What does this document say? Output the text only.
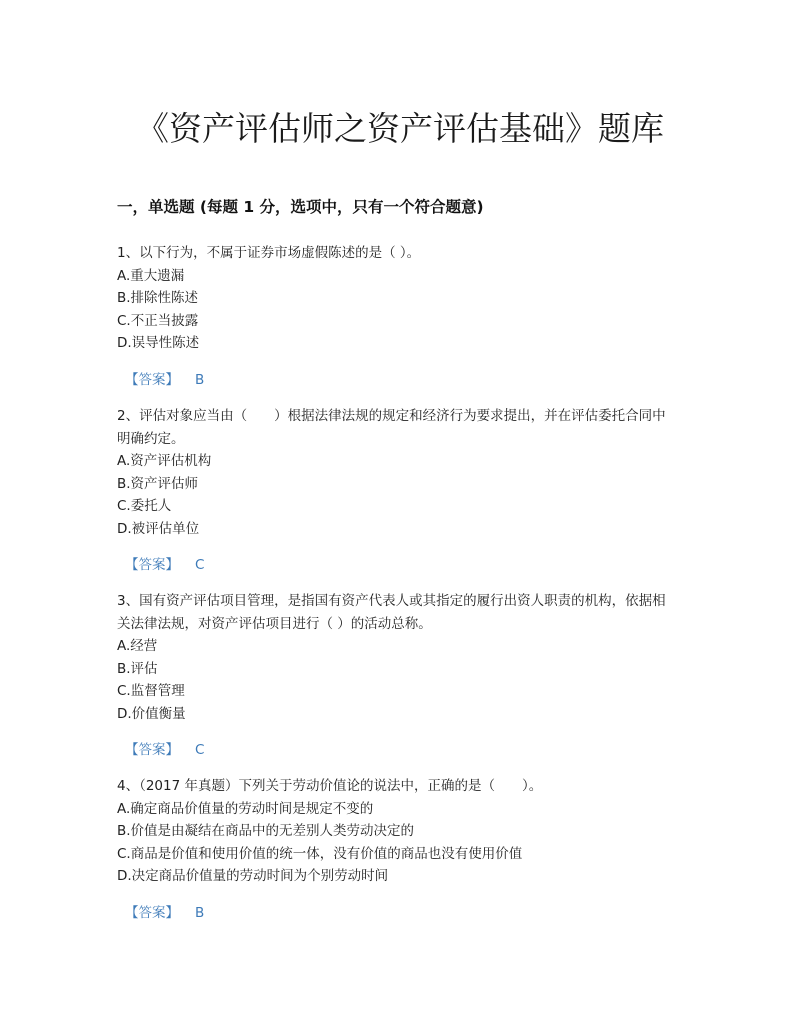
《资产评估师之资产评估基础》题库
一，单选题 (每题 1 分，选项中，只有一个符合题意)

1、以下行为，不属于证券市场虚假陈述的是（ ）。

A.重大遗漏

B.排除性陈述

C.不正当披露

D.误导性陈述

【答案】 B

2、评估对象应当由（　　）根据法律法规的规定和经济行为要求提出，并在评估委托合同中明确约定。

A.资产评估机构

B.资产评估师

C.委托人

D.被评估单位

【答案】 C

3、国有资产评估项目管理，是指国有资产代表人或其指定的履行出资人职责的机构，依据相关法律法规，对资产评估项目进行（ ）的活动总称。

A.经营

B.评估

C.监督管理

D.价值衡量

【答案】 C

4、（2017 年真题）下列关于劳动价值论的说法中，正确的是（　　）。

A.确定商品价值量的劳动时间是规定不变的

B.价值是由凝结在商品中的无差别人类劳动决定的

C.商品是价值和使用价值的统一体，没有价值的商品也没有使用价值

D.决定商品价值量的劳动时间为个别劳动时间

【答案】 B
